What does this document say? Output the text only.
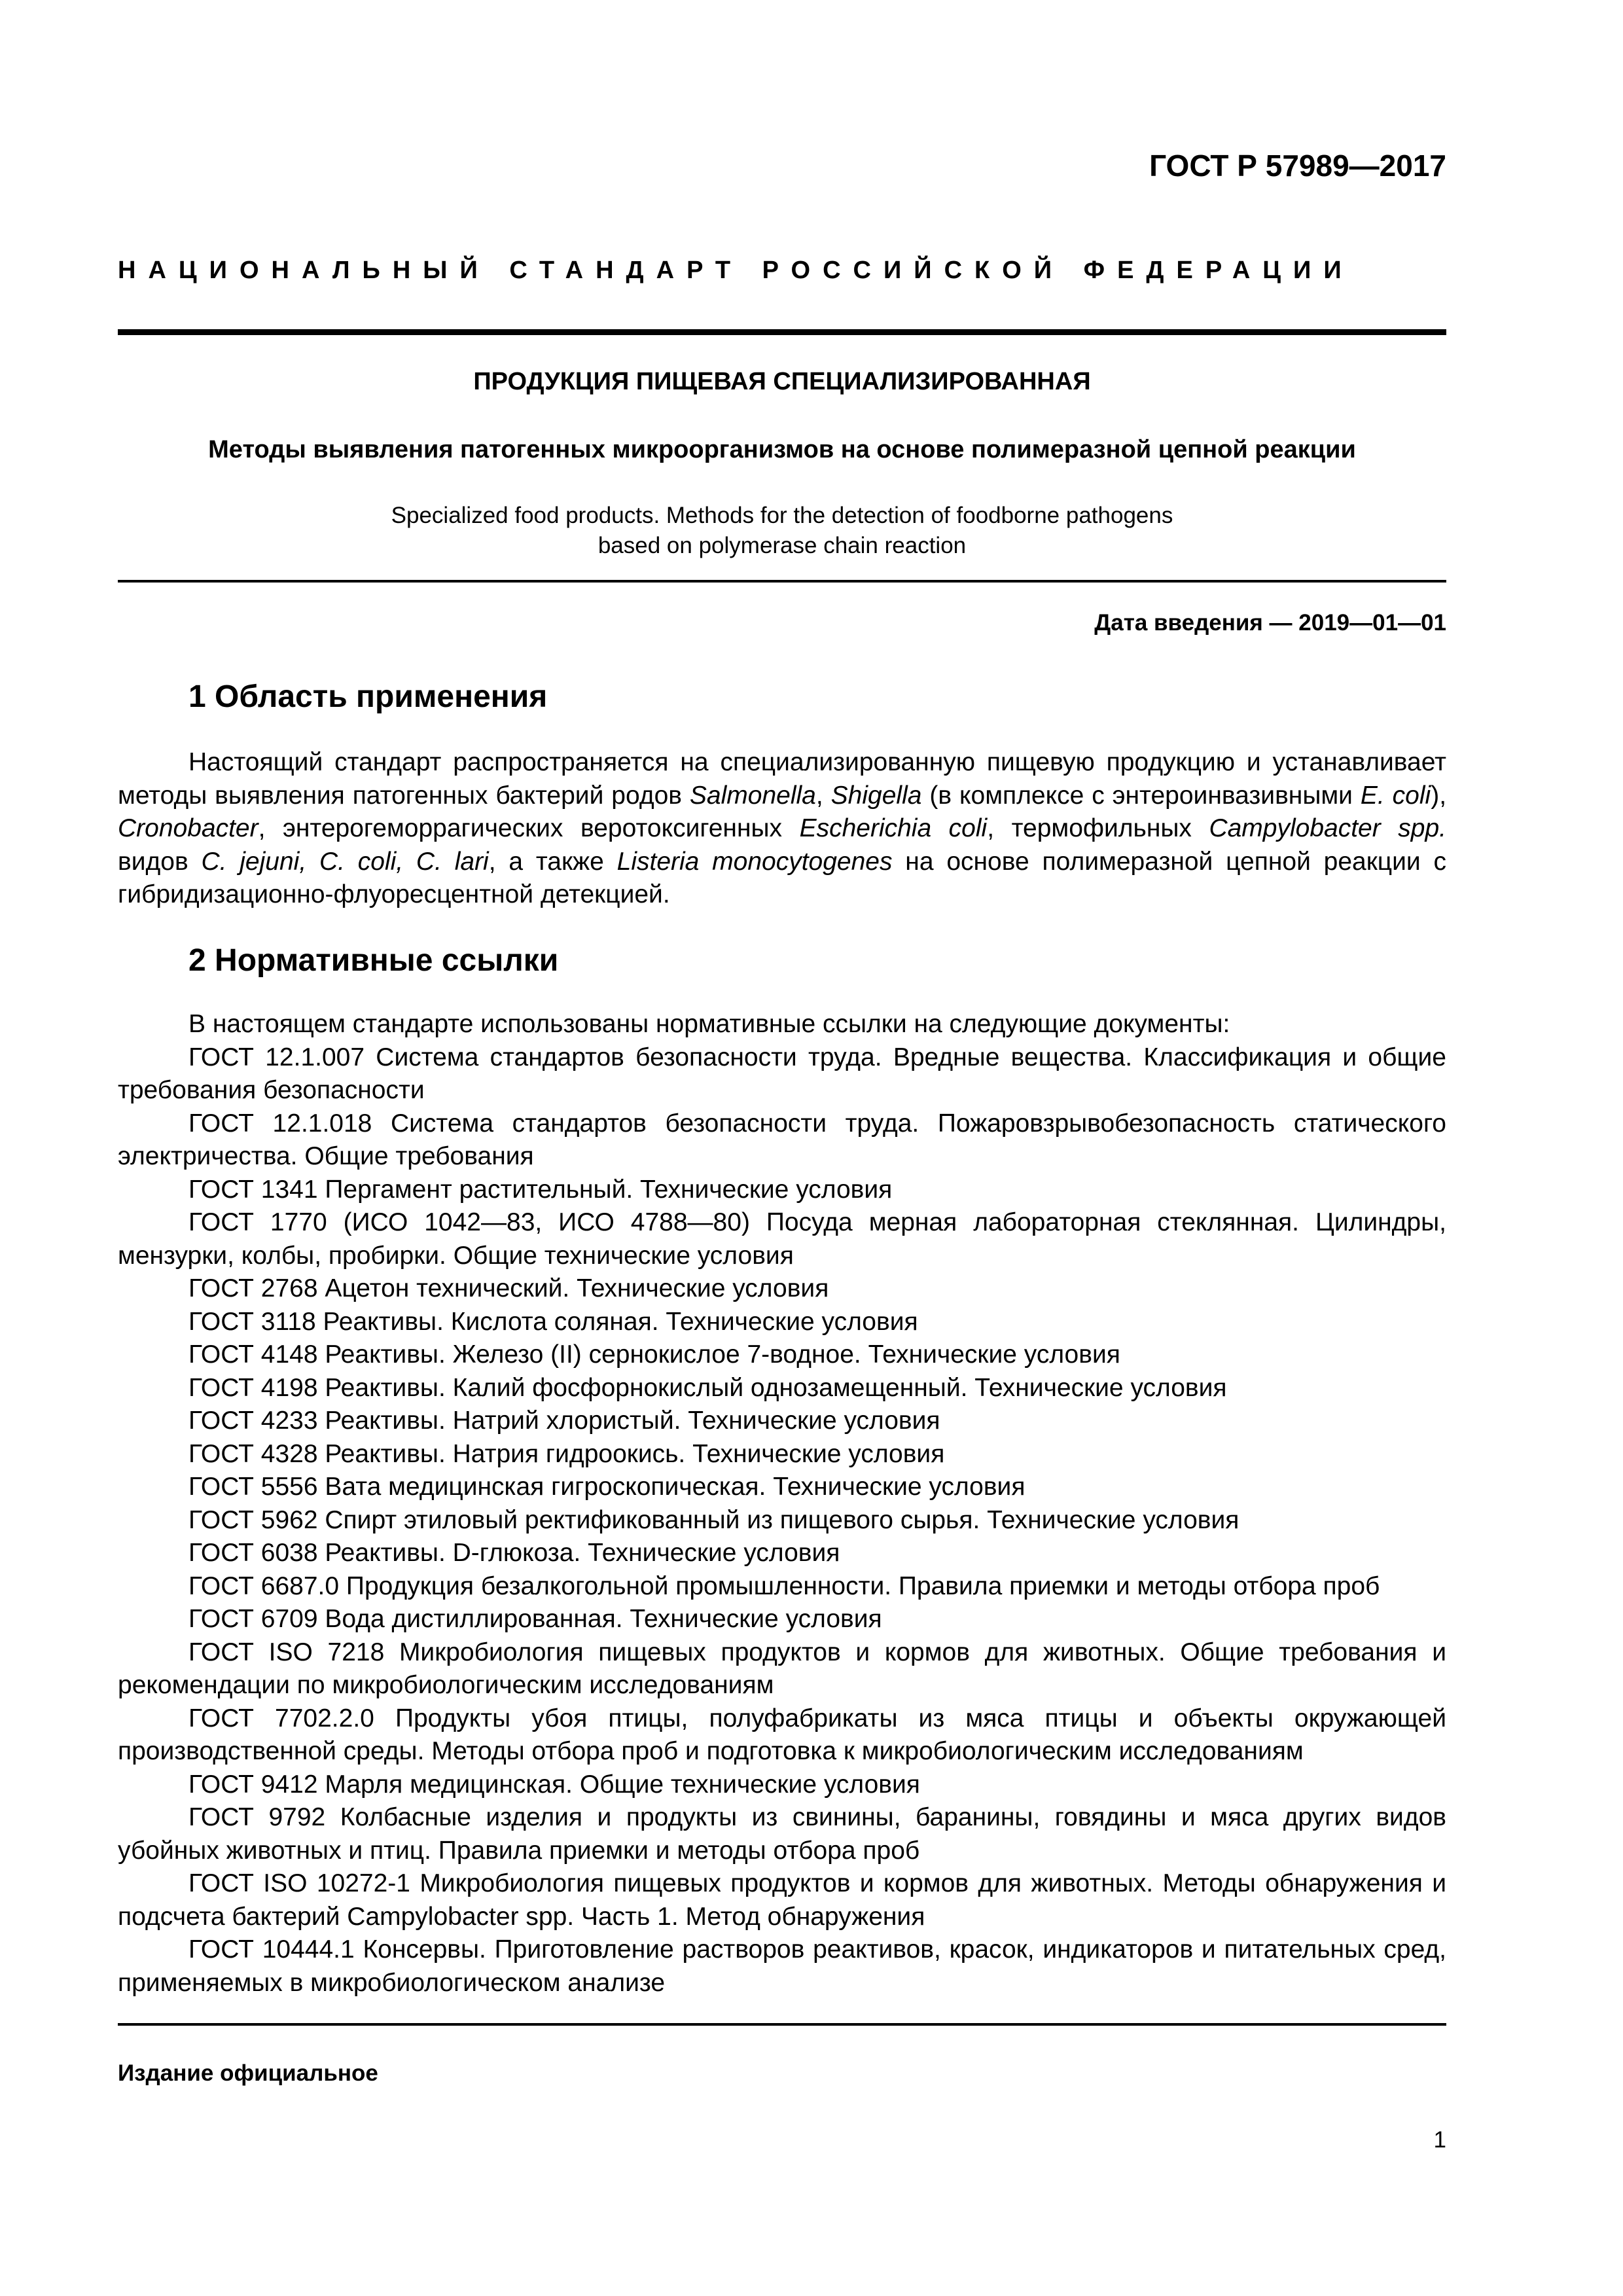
ГОСТ Р 57989—2017
НАЦИОНАЛЬНЫЙ СТАНДАРТ РОССИЙСКОЙ ФЕДЕРАЦИИ
ПРОДУКЦИЯ ПИЩЕВАЯ СПЕЦИАЛИЗИРОВАННАЯ
Методы выявления патогенных микроорганизмов на основе полимеразной цепной реакции
Specialized food products. Methods for the detection of foodborne pathogens
based on polymerase chain reaction
Дата введения — 2019—01—01
1 Область применения

Настоящий стандарт распространяется на специализированную пищевую продукцию и устанавливает методы выявления патогенных бактерий родов Salmonella, Shigella (в комплексе с энтероинвазивными E. coli), Cronobacter, энтерогеморрагических веротоксигенных Escherichia coli, термофильных Campylobacter spp. видов C. jejuni, C. coli, C. lari, а также Listeria monocytogenes на основе полимеразной цепной реакции с гибридизационно-флуоресцентной детекцией.

2 Нормативные ссылки
В настоящем стандарте использованы нормативные ссылки на следующие документы:
ГОСТ 12.1.007 Система стандартов безопасности труда. Вредные вещества. Классификация и общие требования безопасности
ГОСТ 12.1.018 Система стандартов безопасности труда. Пожаровзрывобезопасность статического электричества. Общие требования
ГОСТ 1341 Пергамент растительный. Технические условия
ГОСТ 1770 (ИСО 1042—83, ИСО 4788—80) Посуда мерная лабораторная стеклянная. Цилиндры, мензурки, колбы, пробирки. Общие технические условия
ГОСТ 2768 Ацетон технический. Технические условия
ГОСТ 3118 Реактивы. Кислота соляная. Технические условия
ГОСТ 4148 Реактивы. Железо (II) сернокислое 7-водное. Технические условия
ГОСТ 4198 Реактивы. Калий фосфорнокислый однозамещенный. Технические условия
ГОСТ 4233 Реактивы. Натрий хлористый. Технические условия
ГОСТ 4328 Реактивы. Натрия гидроокись. Технические условия
ГОСТ 5556 Вата медицинская гигроскопическая. Технические условия
ГОСТ 5962 Спирт этиловый ректификованный из пищевого сырья. Технические условия
ГОСТ 6038 Реактивы. D-глюкоза. Технические условия
ГОСТ 6687.0 Продукция безалкогольной промышленности. Правила приемки и методы отбора проб
ГОСТ 6709 Вода дистиллированная. Технические условия
ГОСТ ISO 7218 Микробиология пищевых продуктов и кормов для животных. Общие требования и рекомендации по микробиологическим исследованиям
ГОСТ 7702.2.0 Продукты убоя птицы, полуфабрикаты из мяса птицы и объекты окружающей производственной среды. Методы отбора проб и подготовка к микробиологическим исследованиям
ГОСТ 9412 Марля медицинская. Общие технические условия
ГОСТ 9792 Колбасные изделия и продукты из свинины, баранины, говядины и мяса других видов убойных животных и птиц. Правила приемки и методы отбора проб
ГОСТ ISO 10272-1 Микробиология пищевых продуктов и кормов для животных. Методы обнаружения и подсчета бактерий Campylobacter spp. Часть 1. Метод обнаружения
ГОСТ 10444.1 Консервы. Приготовление растворов реактивов, красок, индикаторов и питательных сред, применяемых в микробиологическом анализе
Издание официальное
1
